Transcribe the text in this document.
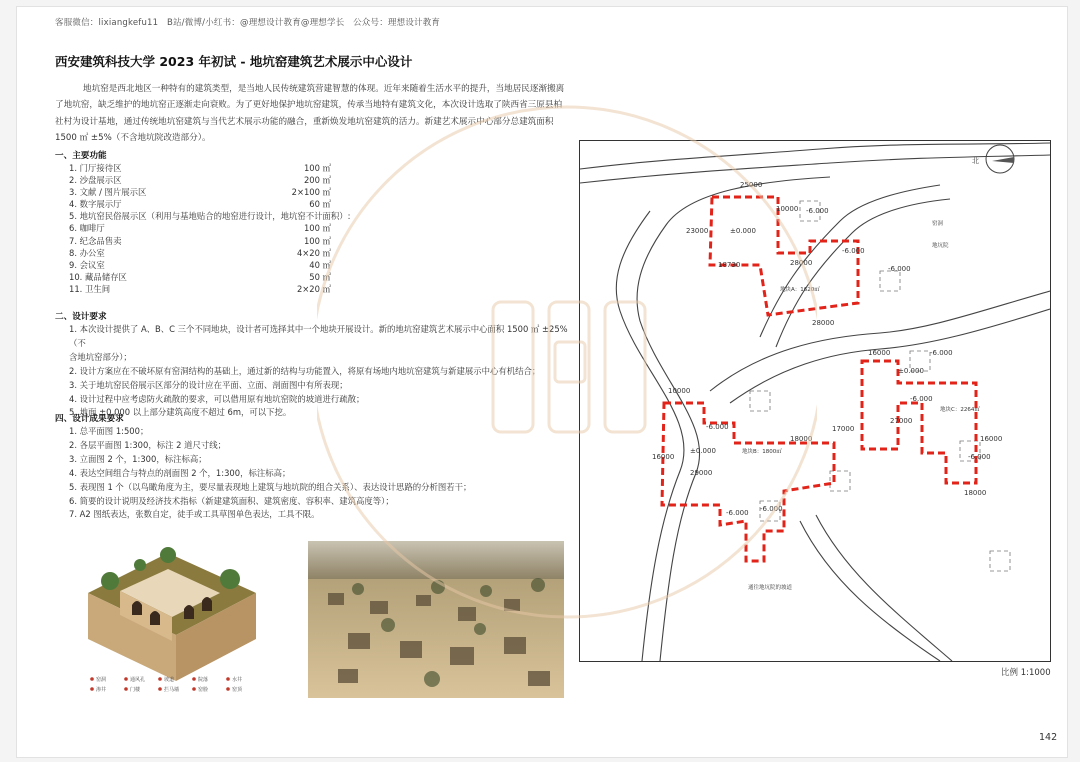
客服微信：lixiangkefu11　B站/微博/小红书：@理想设计教育@理想学长　公众号：理想设计教育
西安建筑科技大学 2023 年初试 - 地坑窑建筑艺术展示中心设计
地坑窑是西北地区一种特有的建筑类型，是当地人民传统建筑营建智慧的体现。近年来随着生活水平的提升，当地居民逐渐搬离了地坑窑，缺乏维护的地坑窑正逐渐走向衰败。为了更好地保护地坑窑建筑，传承当地特有建筑文化，本次设计选取了陕西省三原县柏社村为设计基地，通过传统地坑窑建筑与当代艺术展示功能的融合，重新焕发地坑窑建筑的活力。新建艺术展示中心部分总建筑面积 1500 ㎡ ±5%（不含地坑院改造部分）。
一、主要功能
1. 门厅接待区	100 ㎡
2. 沙盘展示区	200 ㎡
3. 文献 / 图片展示区	2×100 ㎡
4. 数字展示厅	60 ㎡
5. 地坑窑民俗展示区（利用与基地贴合的地窑进行设计，地坑窑不计面积）:
6. 咖啡厅	100 ㎡
7. 纪念品售卖	100 ㎡
8. 办公室	4×20 ㎡
9. 会议室	40 ㎡
10. 藏品储存区	50 ㎡
11. 卫生间	2×20 ㎡
二、设计要求
1. 本次设计提供了 A、B、C 三个不同地块，设计者可选择其中一个地块开展设计。新的地坑窑建筑艺术展示中心面积 1500 ㎡ ±25%（不
含地坑窑部分）；
2. 设计方案应在不破坏原有窑洞结构的基础上，通过新的结构与功能置入，将原有场地内地坑窑建筑与新建展示中心有机结合；
3. 关于地坑窑民俗展示区部分的设计应在平面、立面、剖面图中有所表现；
4. 设计过程中应考虑防火疏散的要求，可以借用原有地坑窑院的坡道进行疏散；
5. 地面 ±0.000 以上部分建筑高度不超过 6m，可以下挖。
四、设计成果要求
1. 总平面图 1:500；
2. 各层平面图 1:300，标注 2 道尺寸线；
3. 立面图 2 个，1:300，标注标高；
4. 表达空间组合与特点的剖面图 2 个，1:300，标注标高；
5. 表现图 1 个（以鸟瞰角度为主，要尽量表现地上建筑与地坑院的组合关系）、表达设计思路的分析图若干；
6. 简要的设计说明及经济技术指标（新建建筑面积、建筑密度、容积率、建筑高度等）；
7. A2 图纸表达，张数自定，徒手或工具草图单色表达，工具不限。
窑洞	通风孔	坡道	院落	水井
渗井	门楼	拦马墙	窑脸	窑顶
25000
23000
10000
18730	28000
28000
10000
16000
29000
18000
17000
27000
18000
16000
16000
±0.000
-6.000
-6.000
-6.000
±0.000
-6.000
-6.000
-6.000
±0.000
-6.000
-6.000
-6.000
地块A：1620㎡
地块B：1800㎡
地块C：2264㎡
窑洞
地坑院
通往地坑院的坡道
北
比例 1:1000
142
